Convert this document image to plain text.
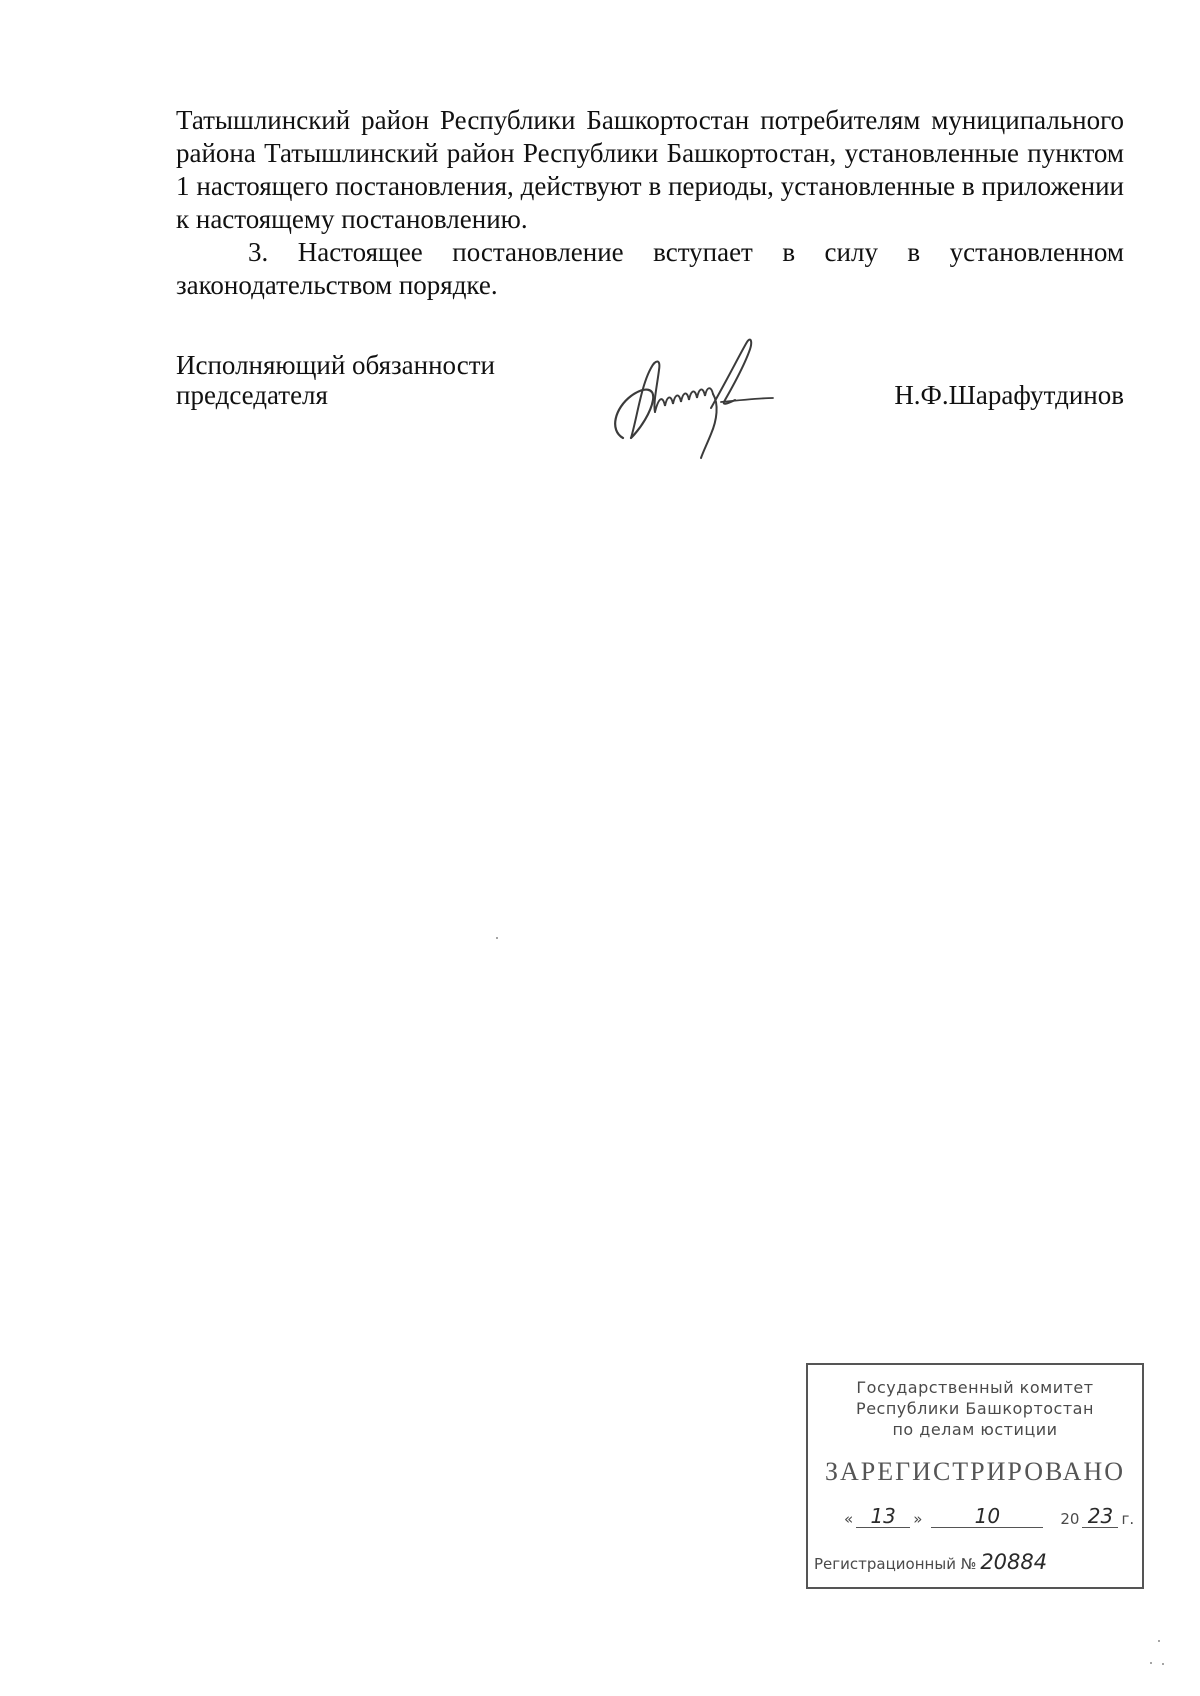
Татышлинский район Республики Башкортостан потребителям муниципального района Татышлинский район Республики Башкортостан, установленные пунктом 1 настоящего постановления, действуют в периоды, установленные в приложении к настоящему постановлению.

3. Настоящее постановление вступает в силу в установленном законодательством порядке.

Исполняющий обязанности
председателя	Н.Ф.Шарафутдинов
Государственный комитет
Республики Башкортостан
по делам юстиции
ЗАРЕГИСТРИРОВАНО
« 13	»	10	20 23 г.
Регистрационный № 20884
